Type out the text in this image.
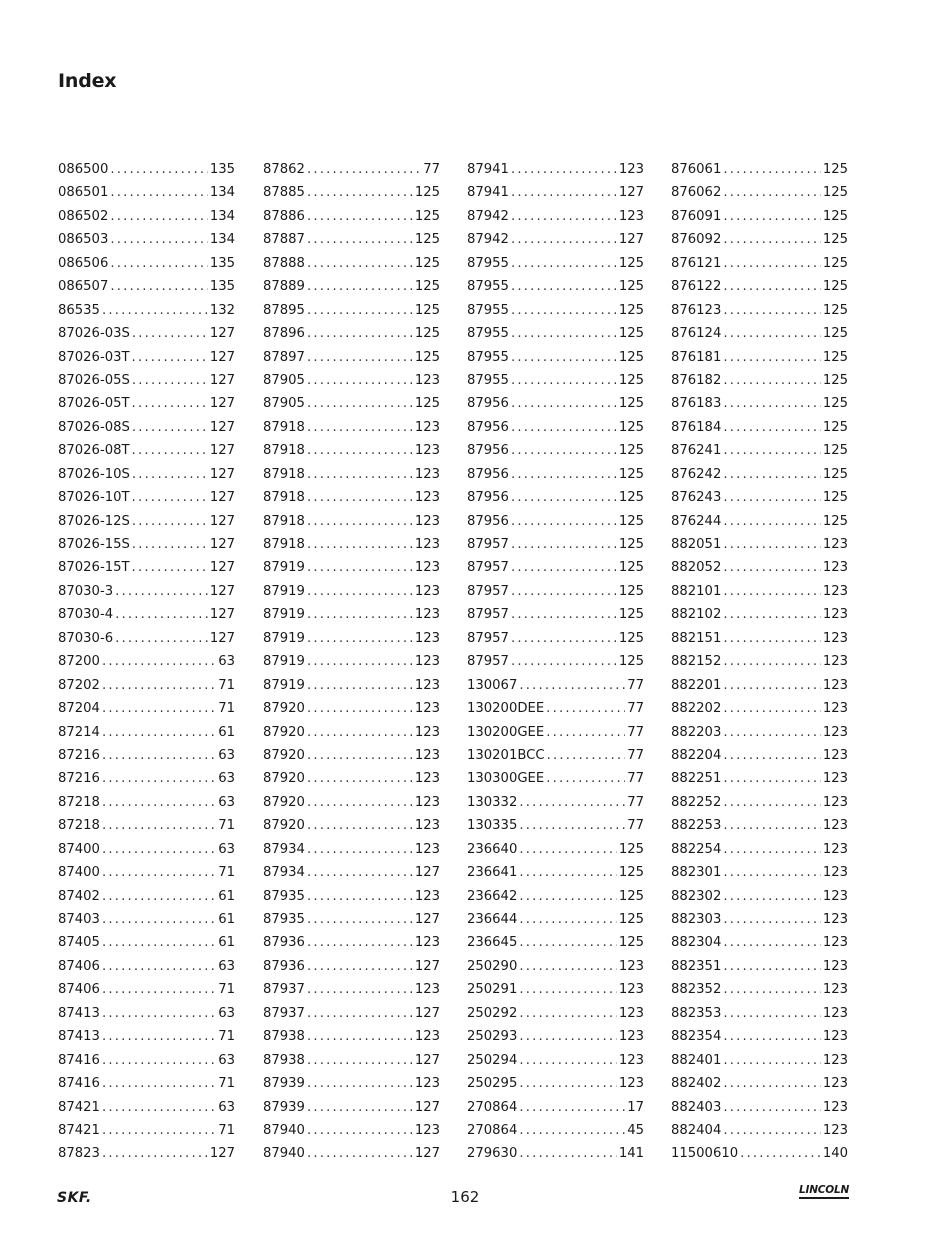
Index
086500 .....	135
086501 .....	134
086502 .....	134
086503 .....	134
086506 .....	135
086507 .....	135
86535 .....	132
87026-03S .....	127
87026-03T .....	127
87026-05S .....	127
87026-05T .....	127
87026-08S .....	127
87026-08T .....	127
87026-10S .....	127
87026-10T .....	127
87026-12S .....	127
87026-15S .....	127
87026-15T .....	127
87030-3 .....	127
87030-4 .....	127
87030-6 .....	127
87200 .....	63
87202 .....	71
87204 .....	71
87214 .....	61
87216 .....	63
87216 .....	63
87218 .....	63
87218 .....	71
87400 .....	63
87400 .....	71
87402 .....	61
87403 .....	61
87405 .....	61
87406 .....	63
87406 .....	71
87413 .....	63
87413 .....	71
87416 .....	63
87416 .....	71
87421 .....	63
87421 .....	71
87823 .....	127
87862 .....	77
87885 .....	125
87886 .....	125
87887 .....	125
87888 .....	125
87889 .....	125
87895 .....	125
87896 .....	125
87897 .....	125
87905 .....	123
87905 .....	125
87918 .....	123
87918 .....	123
87918 .....	123
87918 .....	123
87918 .....	123
87918 .....	123
87919 .....	123
87919 .....	123
87919 .....	123
87919 .....	123
87919 .....	123
87919 .....	123
87920 .....	123
87920 .....	123
87920 .....	123
87920 .....	123
87920 .....	123
87920 .....	123
87934 .....	123
87934 .....	127
87935 .....	123
87935 .....	127
87936 .....	123
87936 .....	127
87937 .....	123
87937 .....	127
87938 .....	123
87938 .....	127
87939 .....	123
87939 .....	127
87940 .....	123
87940 .....	127
87941 .....	123
87941 .....	127
87942 .....	123
87942 .....	127
87955 .....	125
87955 .....	125
87955 .....	125
87955 .....	125
87955 .....	125
87955 .....	125
87956 .....	125
87956 .....	125
87956 .....	125
87956 .....	125
87956 .....	125
87956 .....	125
87957 .....	125
87957 .....	125
87957 .....	125
87957 .....	125
87957 .....	125
87957 .....	125
130067 .....	77
130200DEE .....	77
130200GEE .....	77
130201BCC .....	77
130300GEE .....	77
130332 .....	77
130335 .....	77
236640 .....	125
236641 .....	125
236642 .....	125
236644 .....	125
236645 .....	125
250290 .....	123
250291 .....	123
250292 .....	123
250293 .....	123
250294 .....	123
250295 .....	123
270864 .....	17
270864 .....	45
279630 .....	141
876061 .....	125
876062 .....	125
876091 .....	125
876092 .....	125
876121 .....	125
876122 .....	125
876123 .....	125
876124 .....	125
876181 .....	125
876182 .....	125
876183 .....	125
876184 .....	125
876241 .....	125
876242 .....	125
876243 .....	125
876244 .....	125
882051 .....	123
882052 .....	123
882101 .....	123
882102 .....	123
882151 .....	123
882152 .....	123
882201 .....	123
882202 .....	123
882203 .....	123
882204 .....	123
882251 .....	123
882252 .....	123
882253 .....	123
882254 .....	123
882301 .....	123
882302 .....	123
882303 .....	123
882304 .....	123
882351 .....	123
882352 .....	123
882353 .....	123
882354 .....	123
882401 .....	123
882402 .....	123
882403 .....	123
882404 .....	123
11500610 .....	140
SKF.	162	LINCOLN
